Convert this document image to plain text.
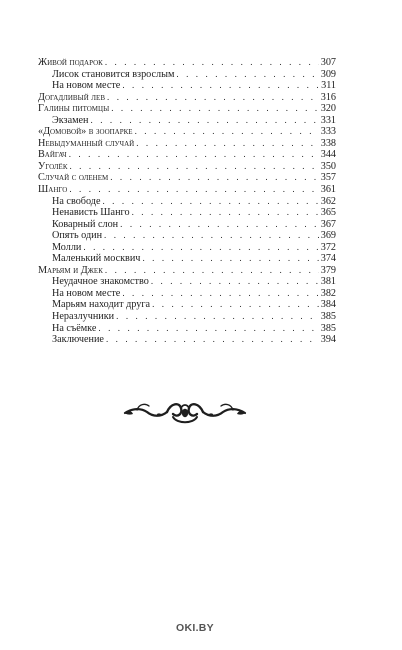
Живой подарок . . .	307
Лисок становится взрослым . . .	309
На новом месте . . .	311
Догадливый лев . . .	316
Галины питомцы . . .	320
Экзамен . . .	331
«Домовой» в зоопарке . . .	333
Невыдуманный случай . . .	338
Вайгач . . .	344
Уголёк . . .	350
Случай с оленем . . .	357
Шанго . . .	361
На свободе . . .	362
Ненависть Шанго . . .	365
Коварный слон . . .	367
Опять один . . .	369
Молли . . .	372
Маленький москвич . . .	374
Марьям и Джек . . .	379
Неудачное знакомство . . .	381
На новом месте . . .	382
Марьям находит друга . . .	384
Неразлучники . . .	385
На съёмке . . .	385
Заключение . . .	394
OKI.BY
